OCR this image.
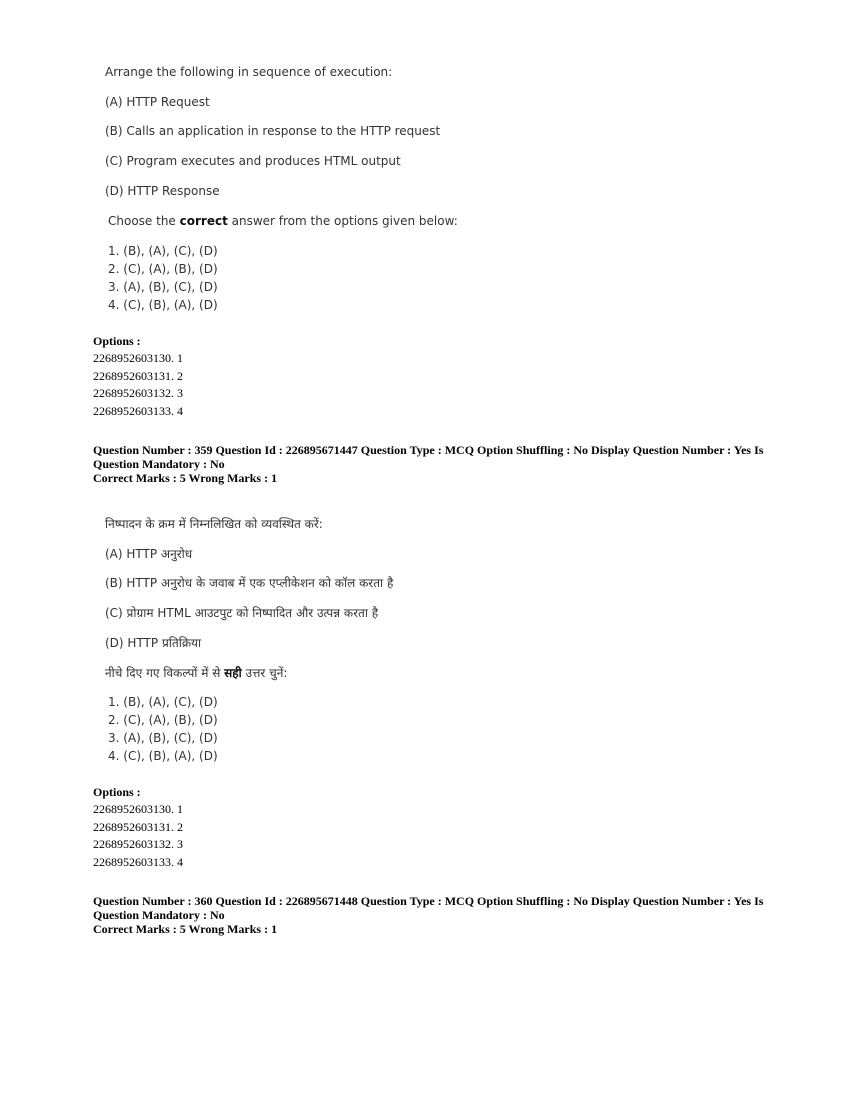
Arrange the following in sequence of execution:
(A) HTTP Request
(B) Calls an application in response to the HTTP request
(C) Program executes and produces HTML output
(D) HTTP Response
Choose the correct answer from the options given below:
1. (B), (A), (C), (D)
2. (C), (A), (B), (D)
3. (A), (B), (C), (D)
4. (C), (B), (A), (D)
Options :
2268952603130. 1
2268952603131. 2
2268952603132. 3
2268952603133. 4
Question Number : 359 Question Id : 226895671447 Question Type : MCQ Option Shuffling : No Display Question Number : Yes Is Question Mandatory : No
Correct Marks : 5 Wrong Marks : 1
निष्पादन के क्रम में निम्नलिखित को व्यवस्थित करें:
(A) HTTP अनुरोध
(B) HTTP अनुरोध के जवाब में एक एप्लीकेशन को कॉल करता है
(C) प्रोग्राम HTML आउटपुट को निष्पादित और उत्पन्न करता है
(D) HTTP प्रतिक्रिया
नीचे दिए गए विकल्पों में से सही उत्तर चुनें:
1. (B), (A), (C), (D)
2. (C), (A), (B), (D)
3. (A), (B), (C), (D)
4. (C), (B), (A), (D)
Options :
2268952603130. 1
2268952603131. 2
2268952603132. 3
2268952603133. 4
Question Number : 360 Question Id : 226895671448 Question Type : MCQ Option Shuffling : No Display Question Number : Yes Is Question Mandatory : No
Correct Marks : 5 Wrong Marks : 1
